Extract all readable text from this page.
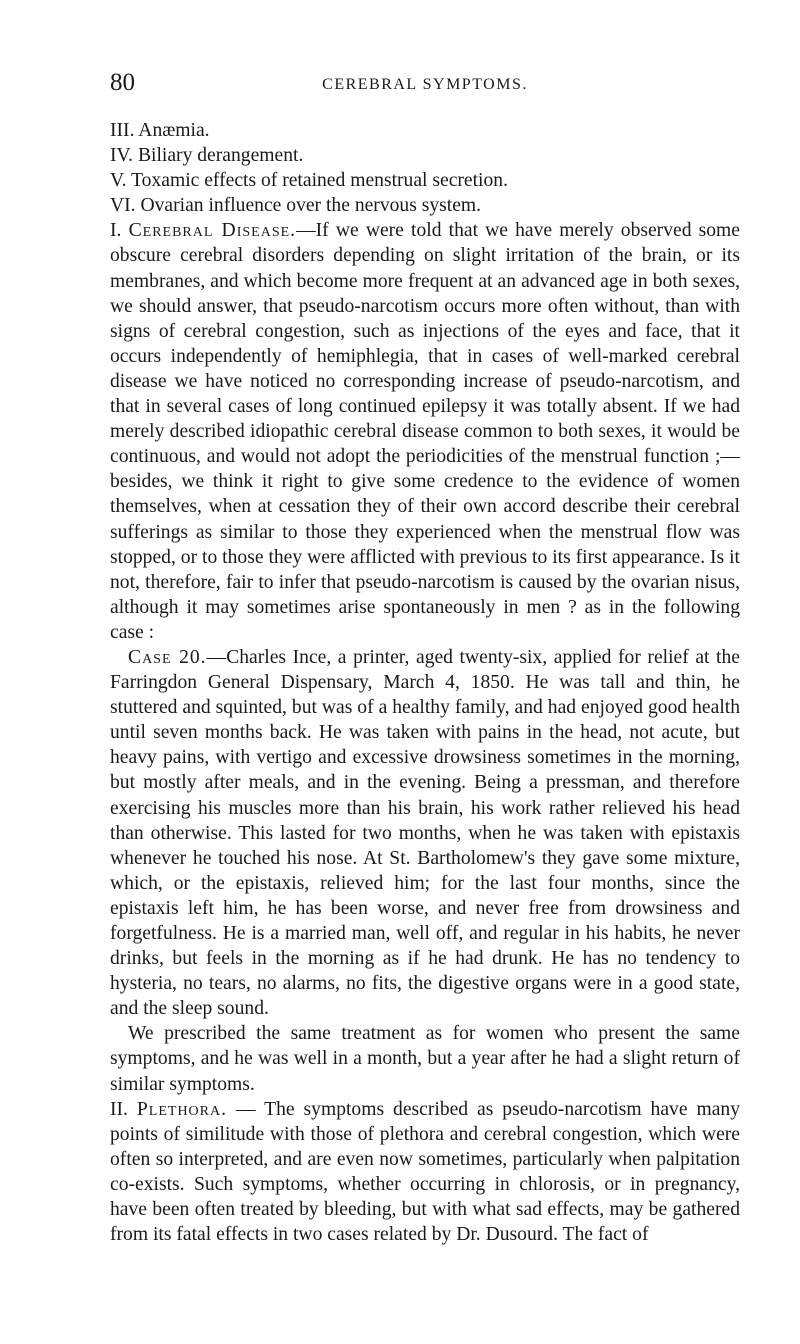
80	CEREBRAL SYMPTOMS.
III. Anæmia.
IV. Biliary derangement.
V. Toxamic effects of retained menstrual secretion.
VI. Ovarian influence over the nervous system.
I. Cerebral Disease.—If we were told that we have merely observed some obscure cerebral disorders depending on slight irritation of the brain, or its membranes, and which become more frequent at an advanced age in both sexes, we should answer, that pseudo-narcotism occurs more often without, than with signs of cerebral congestion, such as injections of the eyes and face, that it occurs independently of hemiphlegia, that in cases of well-marked cerebral disease we have noticed no corresponding increase of pseudo-narcotism, and that in several cases of long continued epilepsy it was totally absent. If we had merely described idiopathic cerebral disease common to both sexes, it would be continuous, and would not adopt the periodicities of the menstrual function ;—besides, we think it right to give some credence to the evidence of women themselves, when at cessation they of their own accord describe their cerebral sufferings as similar to those they experienced when the menstrual flow was stopped, or to those they were afflicted with previous to its first appearance. Is it not, therefore, fair to infer that pseudo-narcotism is caused by the ovarian nisus, although it may sometimes arise spontaneously in men ? as in the following case :
Case 20.—Charles Ince, a printer, aged twenty-six, applied for relief at the Farringdon General Dispensary, March 4, 1850. He was tall and thin, he stuttered and squinted, but was of a healthy family, and had enjoyed good health until seven months back. He was taken with pains in the head, not acute, but heavy pains, with vertigo and excessive drowsiness sometimes in the morning, but mostly after meals, and in the evening. Being a pressman, and therefore exercising his muscles more than his brain, his work rather relieved his head than otherwise. This lasted for two months, when he was taken with epistaxis whenever he touched his nose. At St. Bartholomew's they gave some mixture, which, or the epistaxis, relieved him; for the last four months, since the epistaxis left him, he has been worse, and never free from drowsiness and forgetfulness. He is a married man, well off, and regular in his habits, he never drinks, but feels in the morning as if he had drunk. He has no tendency to hysteria, no tears, no alarms, no fits, the digestive organs were in a good state, and the sleep sound.
We prescribed the same treatment as for women who present the same symptoms, and he was well in a month, but a year after he had a slight return of similar symptoms.
II. Plethora. — The symptoms described as pseudo-narcotism have many points of similitude with those of plethora and cerebral congestion, which were often so interpreted, and are even now sometimes, particularly when palpitation co-exists. Such symptoms, whether occurring in chlorosis, or in pregnancy, have been often treated by bleeding, but with what sad effects, may be gathered from its fatal effects in two cases related by Dr. Dusourd. The fact of
